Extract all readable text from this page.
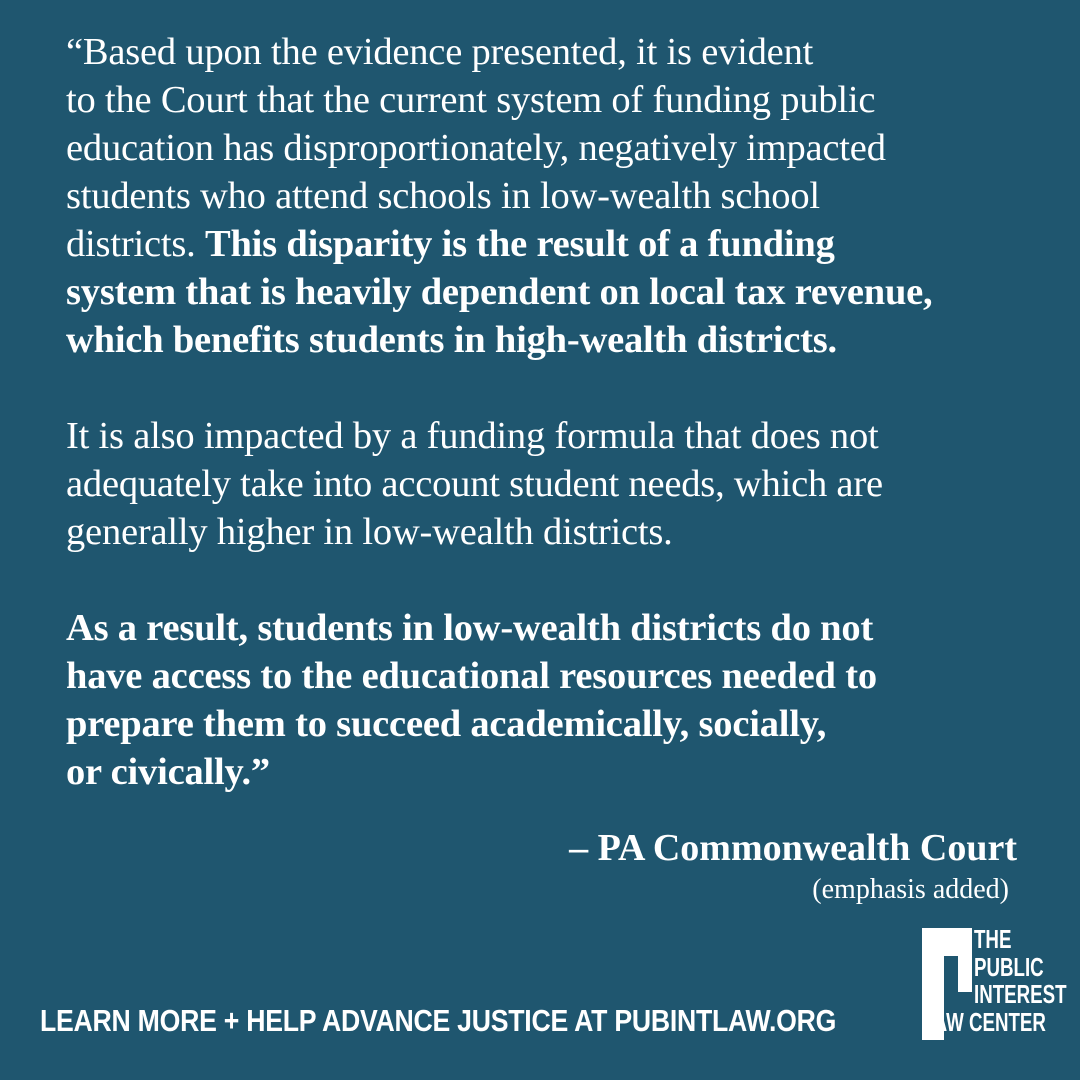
“Based upon the evidence presented, it is evident

to the Court that the current system of funding public

education has disproportionately, negatively impacted

students who attend schools in low-wealth school

districts. This disparity is the result of a funding

system that is heavily dependent on local tax revenue,

which benefits students in high-wealth districts.

It is also impacted by a funding formula that does not

adequately take into account student needs, which are

generally higher in low-wealth districts.

As a result, students in low-wealth districts do not

have access to the educational resources needed to

prepare them to succeed academically, socially,

or civically.”

– PA Commonwealth Court
(emphasis added)
LEARN MORE + HELP ADVANCE JUSTICE AT PUBINTLAW.ORG
THE
PUBLIC
INTEREST
LAW CENTER
